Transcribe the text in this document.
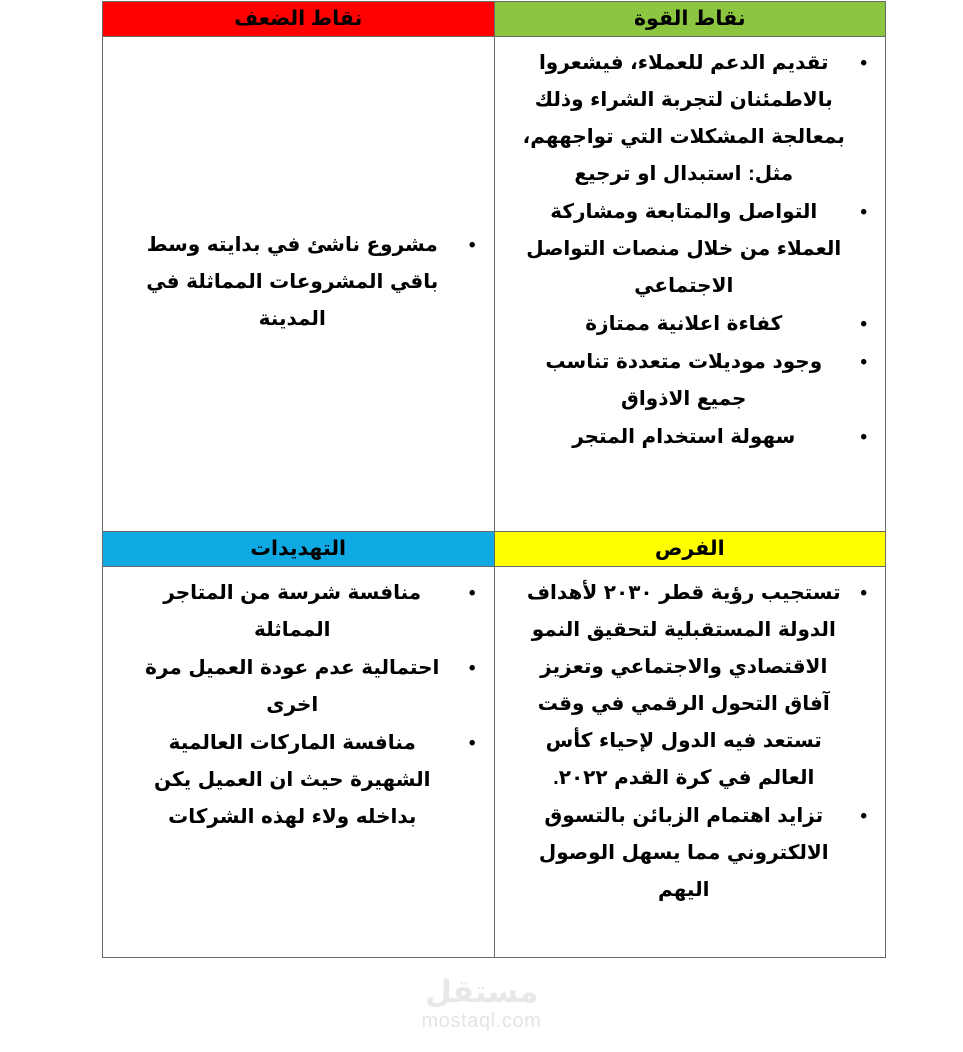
نقاط القوة	نقاط الضعف

• تقديم الدعم للعملاء، فيشعروا بالاطمئنان لتجربة الشراء وذلك بمعالجة المشكلات التي تواجههم، مثل: استبدال او ترجيع
• التواصل والمتابعة ومشاركة العملاء من خلال منصات التواصل الاجتماعي
• كفاءة اعلانية ممتازة
• وجود موديلات متعددة تناسب جميع الاذواق
• سهولة استخدام المتجر

• مشروع ناشئ في بدايته وسط باقي المشروعات المماثلة في المدينة

الفرص	التهديدات

• تستجيب رؤية قطر ٢٠٣٠ لأهداف الدولة المستقبلية لتحقيق النمو الاقتصادي والاجتماعي وتعزيز آفاق التحول الرقمي في وقت تستعد فيه الدول لإحياء كأس العالم في كرة القدم ٢٠٢٢.
• تزايد اهتمام الزبائن بالتسوق الالكتروني مما يسهل الوصول اليهم

• منافسة شرسة من المتاجر المماثلة
• احتمالية عدم عودة العميل مرة اخرى
• منافسة الماركات العالمية الشهيرة حيث ان العميل يكن بداخله ولاء لهذه الشركات
مستقل
mostaql.com
